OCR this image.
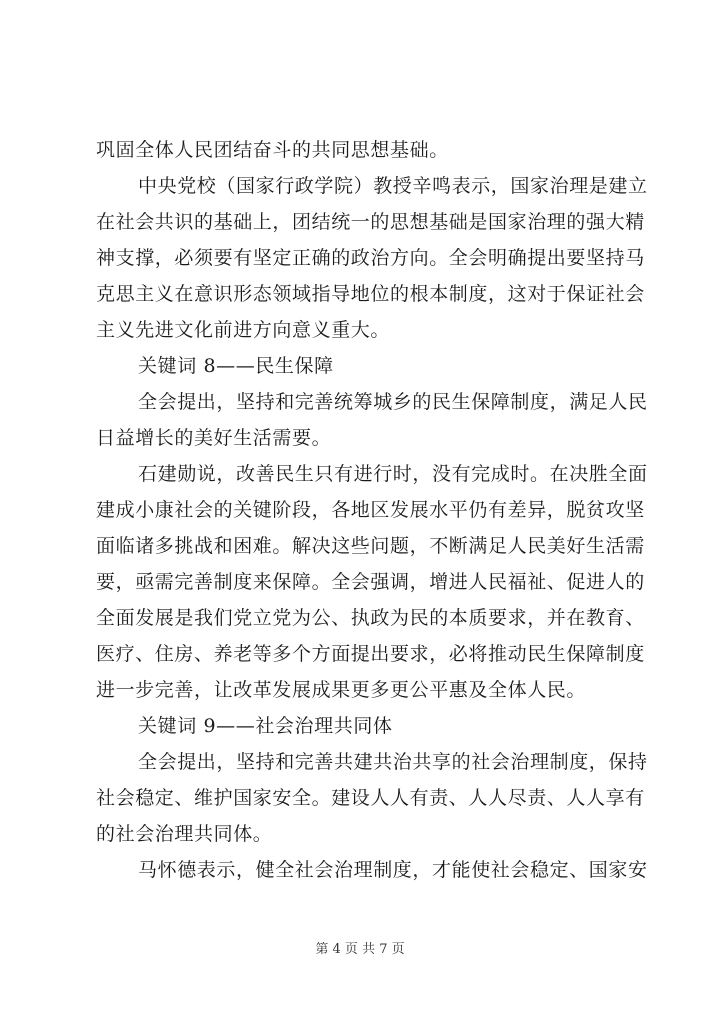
巩固全体人民团结奋斗的共同思想基础。
中央党校（国家行政学院）教授辛鸣表示，国家治理是建立
在社会共识的基础上，团结统一的思想基础是国家治理的强大精
神支撑，必须要有坚定正确的政治方向。全会明确提出要坚持马
克思主义在意识形态领域指导地位的根本制度，这对于保证社会
主义先进文化前进方向意义重大。
关键词 8——民生保障
全会提出，坚持和完善统筹城乡的民生保障制度，满足人民
日益增长的美好生活需要。
石建勋说，改善民生只有进行时，没有完成时。在决胜全面
建成小康社会的关键阶段，各地区发展水平仍有差异，脱贫攻坚
面临诸多挑战和困难。解决这些问题，不断满足人民美好生活需
要，亟需完善制度来保障。全会强调，增进人民福祉、促进人的
全面发展是我们党立党为公、执政为民的本质要求，并在教育、
医疗、住房、养老等多个方面提出要求，必将推动民生保障制度
进一步完善，让改革发展成果更多更公平惠及全体人民。
关键词 9——社会治理共同体
全会提出，坚持和完善共建共治共享的社会治理制度，保持
社会稳定、维护国家安全。建设人人有责、人人尽责、人人享有
的社会治理共同体。
马怀德表示，健全社会治理制度，才能使社会稳定、国家安
第 4 页 共 7 页
